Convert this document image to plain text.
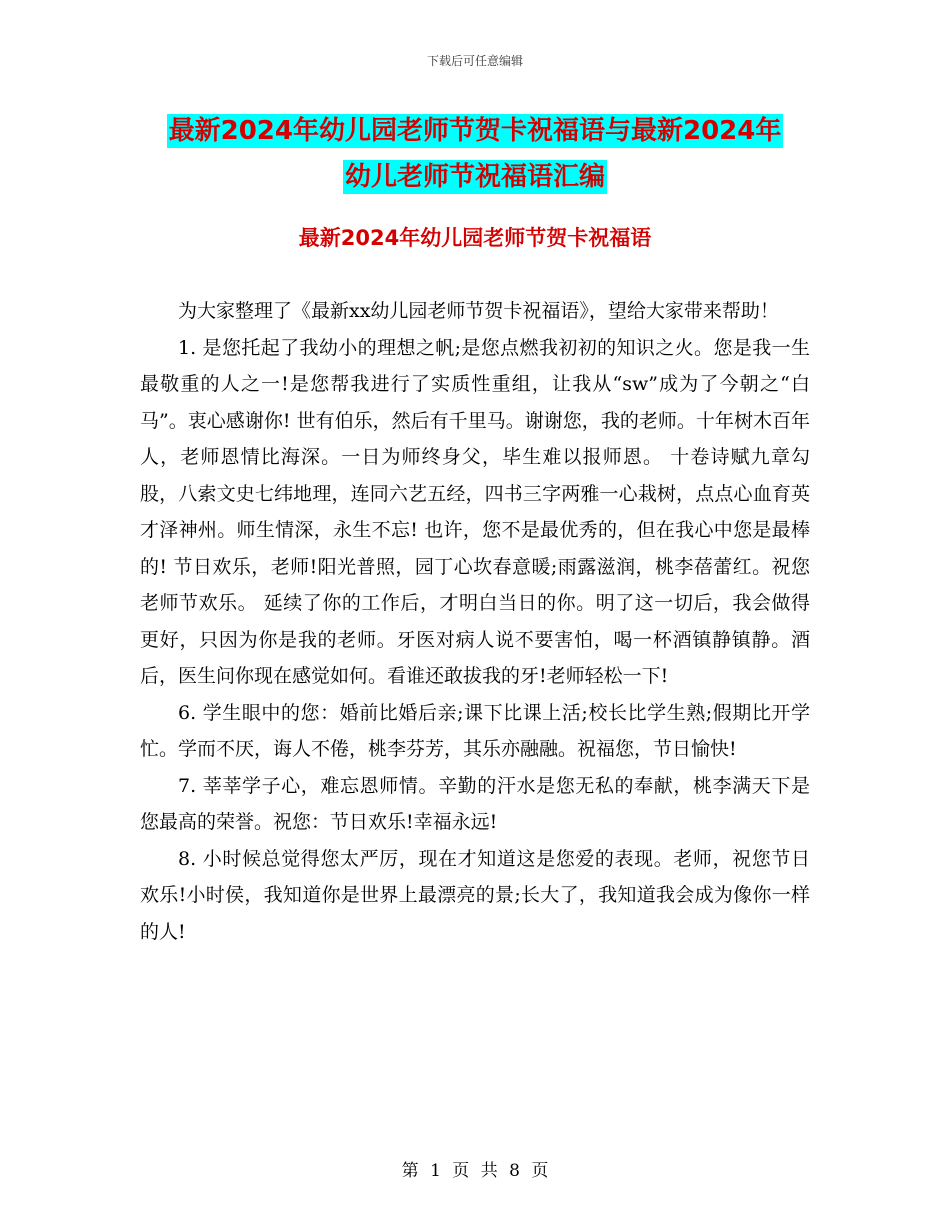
下载后可任意编辑
最新2024年幼儿园老师节贺卡祝福语与最新2024年
幼儿老师节祝福语汇编
最新2024年幼儿园老师节贺卡祝福语

为大家整理了《最新xx幼儿园老师节贺卡祝福语》，望给大家带来帮助！

1. 是您托起了我幼小的理想之帆;是您点燃我初初的知识之火。您是我一生最敬重的人之一!是您帮我进行了实质性重组，让我从“sw”成为了今朝之“白马”。衷心感谢你! 世有伯乐，然后有千里马。谢谢您，我的老师。十年树木百年人，老师恩情比海深。一日为师终身父，毕生难以报师恩。 十卷诗赋九章勾股，八索文史七纬地理，连同六艺五经，四书三字两雅一心栽树，点点心血育英才泽神州。师生情深，永生不忘! 也许，您不是最优秀的，但在我心中您是最棒的! 节日欢乐，老师!阳光普照，园丁心坎春意暖;雨露滋润，桃李蓓蕾红。祝您老师节欢乐。 延续了你的工作后，才明白当日的你。明了这一切后，我会做得更好，只因为你是我的老师。牙医对病人说不要害怕，喝一杯酒镇静镇静。酒后，医生问你现在感觉如何。看谁还敢拔我的牙!老师轻松一下!

6. 学生眼中的您：婚前比婚后亲;课下比课上活;校长比学生熟;假期比开学忙。学而不厌，诲人不倦，桃李芬芳，其乐亦融融。祝福您，节日愉快!

7. 莘莘学子心，难忘恩师情。辛勤的汗水是您无私的奉献，桃李满天下是您最高的荣誉。祝您：节日欢乐!幸福永远!

8. 小时候总觉得您太严厉，现在才知道这是您爱的表现。老师，祝您节日欢乐!小时侯，我知道你是世界上最漂亮的景;长大了，我知道我会成为像你一样的人!

第 1 页 共 8 页
